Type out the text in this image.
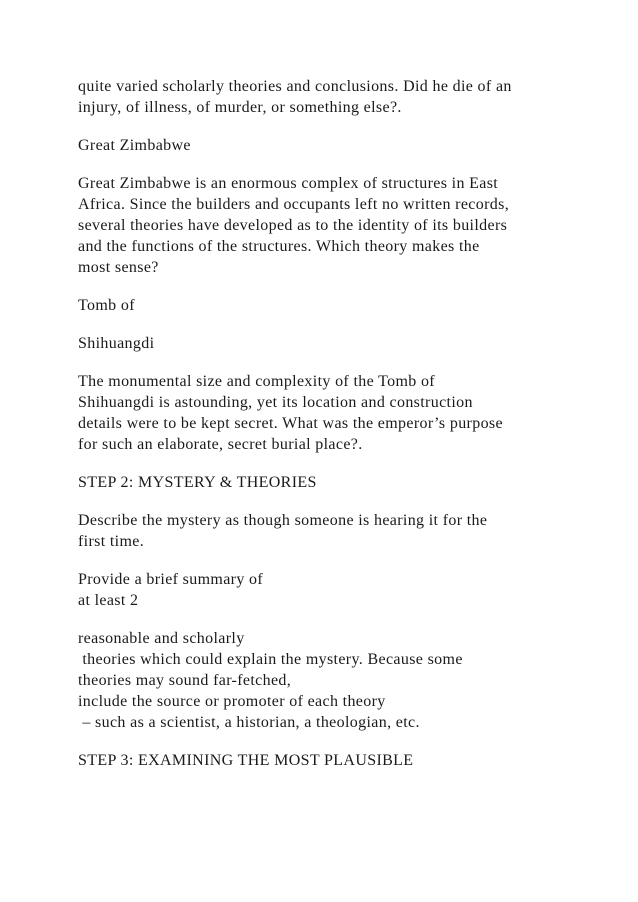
quite varied scholarly theories and conclusions. Did he die of an
injury, of illness, of murder, or something else?.

Great Zimbabwe

Great Zimbabwe is an enormous complex of structures in East
Africa. Since the builders and occupants left no written records,
several theories have developed as to the identity of its builders
and the functions of the structures. Which theory makes the
most sense?

Tomb of

Shihuangdi

The monumental size and complexity of the Tomb of
Shihuangdi is astounding, yet its location and construction
details were to be kept secret. What was the emperor’s purpose
for such an elaborate, secret burial place?.

STEP 2: MYSTERY & THEORIES

Describe the mystery as though someone is hearing it for the
first time.

Provide a brief summary of
at least 2

reasonable and scholarly
theories which could explain the mystery. Because some
theories may sound far-fetched,
include the source or promoter of each theory
– such as a scientist, a historian, a theologian, etc.

STEP 3: EXAMINING THE MOST PLAUSIBLE
